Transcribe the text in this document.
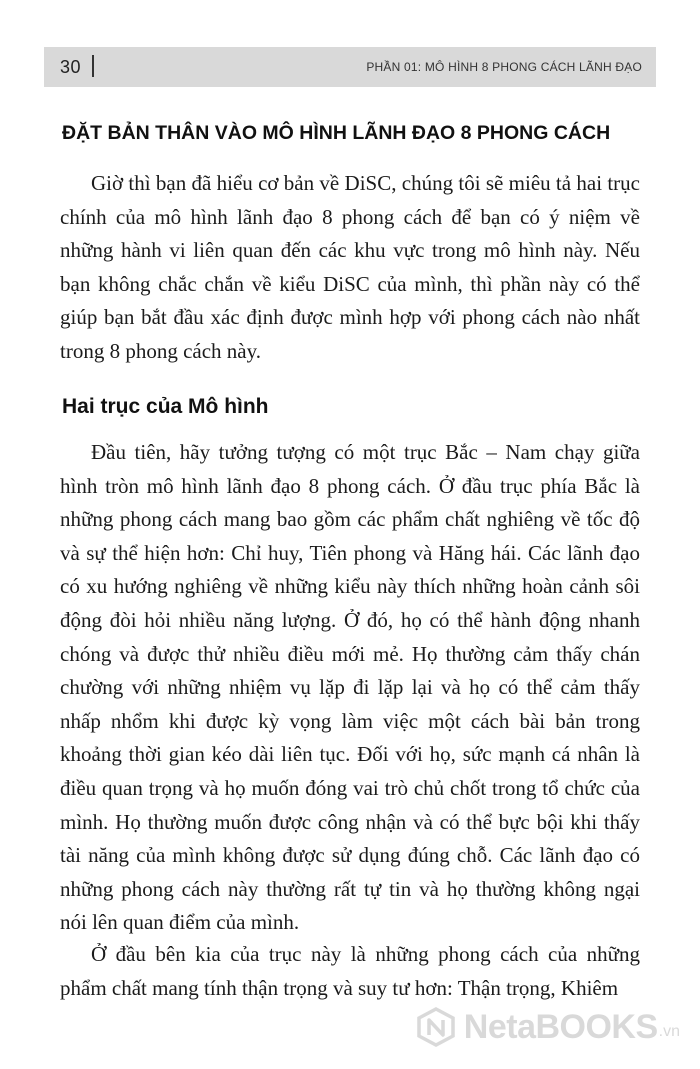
30	PHẦN 01: MÔ HÌNH 8 PHONG CÁCH LÃNH ĐẠO
ĐẶT BẢN THÂN VÀO MÔ HÌNH LÃNH ĐẠO 8 PHONG CÁCH

Giờ thì bạn đã hiểu cơ bản về DiSC, chúng tôi sẽ miêu tả hai trục chính của mô hình lãnh đạo 8 phong cách để bạn có ý niệm về những hành vi liên quan đến các khu vực trong mô hình này. Nếu bạn không chắc chắn về kiểu DiSC của mình, thì phần này có thể giúp bạn bắt đầu xác định được mình hợp với phong cách nào nhất trong 8 phong cách này.

Hai trục của Mô hình

Đầu tiên, hãy tưởng tượng có một trục Bắc – Nam chạy giữa hình tròn mô hình lãnh đạo 8 phong cách. Ở đầu trục phía Bắc là những phong cách mang bao gồm các phẩm chất nghiêng về tốc độ và sự thể hiện hơn: Chỉ huy, Tiên phong và Hăng hái. Các lãnh đạo có xu hướng nghiêng về những kiểu này thích những hoàn cảnh sôi động đòi hỏi nhiều năng lượng. Ở đó, họ có thể hành động nhanh chóng và được thử nhiều điều mới mẻ. Họ thường cảm thấy chán chường với những nhiệm vụ lặp đi lặp lại và họ có thể cảm thấy nhấp nhổm khi được kỳ vọng làm việc một cách bài bản trong khoảng thời gian kéo dài liên tục. Đối với họ, sức mạnh cá nhân là điều quan trọng và họ muốn đóng vai trò chủ chốt trong tổ chức của mình. Họ thường muốn được công nhận và có thể bực bội khi thấy tài năng của mình không được sử dụng đúng chỗ. Các lãnh đạo có những phong cách này thường rất tự tin và họ thường không ngại nói lên quan điểm của mình.

Ở đầu bên kia của trục này là những phong cách của những phẩm chất mang tính thận trọng và suy tư hơn: Thận trọng, Khiêm

NetaBOOKS .vn
